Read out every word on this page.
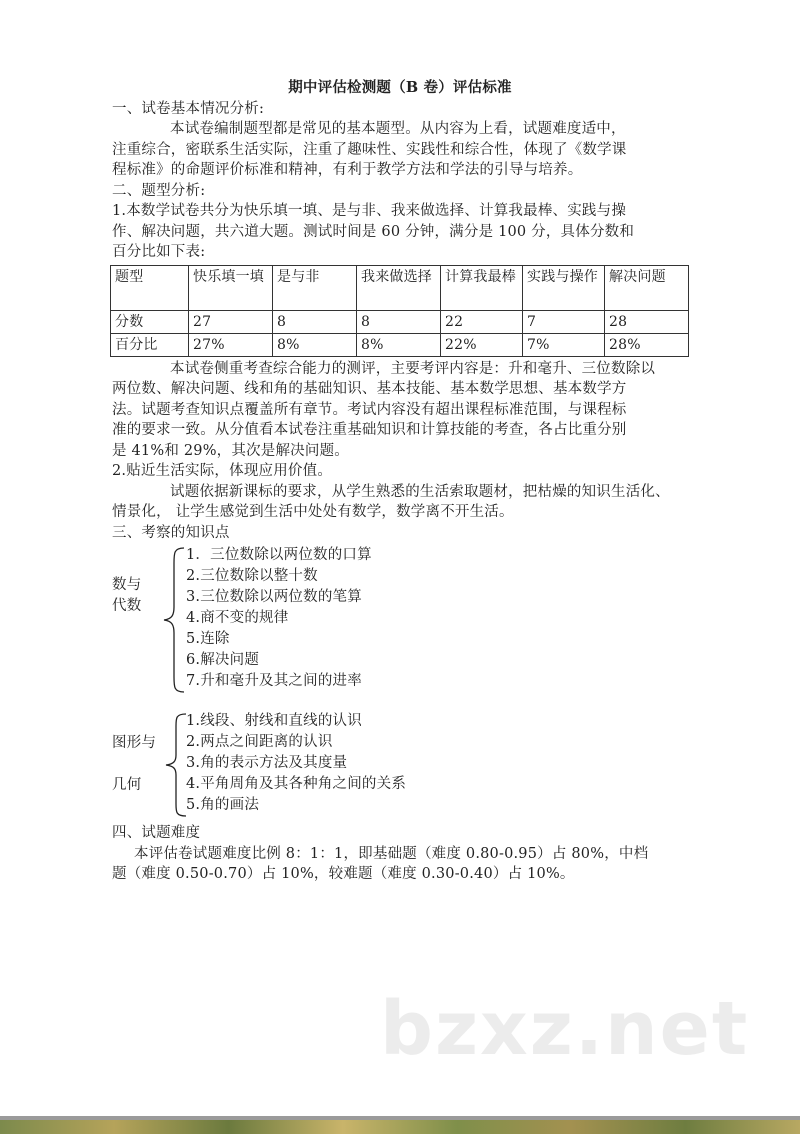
期中评估检测题（B 卷）评估标准
一、试卷基本情况分析:
本试卷编制题型都是常见的基本题型。从内容为上看，试题难度适中，
注重综合，密联系生活实际，注重了趣味性、实践性和综合性，体现了《数学课
程标准》的命题评价标准和精神，有利于教学方法和学法的引导与培养。
二、题型分析:
1.本数学试卷共分为快乐填一填、是与非、我来做选择、计算我最棒、实践与操
作、解决问题，共六道大题。测试时间是 60 分钟，满分是 100 分，具体分数和
百分比如下表:
题型	快乐填一填	是与非	我来做选择	计算我最棒	实践与操作	解决问题
分数	27	8	8	22	7	28
百分比	27%	8%	8%	22%	7%	28%
本试卷侧重考查综合能力的测评，主要考评内容是：升和毫升、三位数除以
两位数、解决问题、线和角的基础知识、基本技能、基本数学思想、基本数学方
法。试题考查知识点覆盖所有章节。考试内容没有超出课程标准范围，与课程标
准的要求一致。从分值看本试卷注重基础知识和计算技能的考查，各占比重分别
是 41%和 29%，其次是解决问题。
2.贴近生活实际，体现应用价值。
试题依据新课标的要求，从学生熟悉的生活索取题材，把枯燥的知识生活化、
情景化， 让学生感觉到生活中处处有数学，数学离不开生活。
三、考察的知识点
数与
代数
1．三位数除以两位数的口算
2.三位数除以整十数
3.三位数除以两位数的笔算
4.商不变的规律
5.连除
6.解决问题
7.升和毫升及其之间的进率
图形与
几何
1.线段、射线和直线的认识
2.两点之间距离的认识
3.角的表示方法及其度量
4.平角周角及其各种角之间的关系
5.角的画法
四、试题难度
本评估卷试题难度比例 8：1：1，即基础题（难度 0.80-0.95）占 80%，中档
题（难度 0.50-0.70）占 10%，较难题（难度 0.30-0.40）占 10%。
bzxz.net
